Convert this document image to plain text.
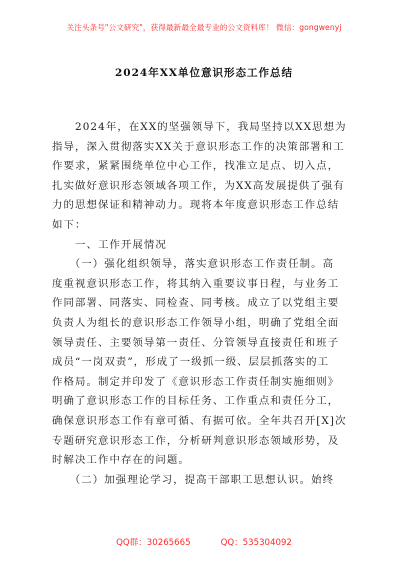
关注头条号"公文研究"，获得最新最全最专业的公文资料库！ 微信：gongwenyj
2024年XX单位意识形态工作总结
　　2024年，在XX的坚强领导下，我局坚持以XX思想为
指导，深入贯彻落实XX关于意识形态工作的决策部署和工
作要求，紧紧围绕单位中心工作，找准立足点、切入点，
扎实做好意识形态领域各项工作，为XX高发展提供了强有
力的思想保证和精神动力。现将本年度意识形态工作总结
如下：
　　一、工作开展情况
　　（一）强化组织领导，落实意识形态工作责任制。高
度重视意识形态工作，将其纳入重要议事日程，与业务工
作同部署、同落实、同检查、同考核。成立了以党组主要
负责人为组长的意识形态工作领导小组，明确了党组全面
领导责任、主要领导第一责任、分管领导直接责任和班子
成员“一岗双责”，形成了一级抓一级、层层抓落实的工
作格局。制定并印发了《意识形态工作责任制实施细则》
明确了意识形态工作的目标任务、工作重点和责任分工，
确保意识形态工作有章可循、有据可依。全年共召开[X]次
专题研究意识形态工作，分析研判意识形态领域形势，及
时解决工作中存在的问题。
　　（二）加强理论学习，提高干部职工思想认识。始终
QQ群：30265665	QQ：535304092
